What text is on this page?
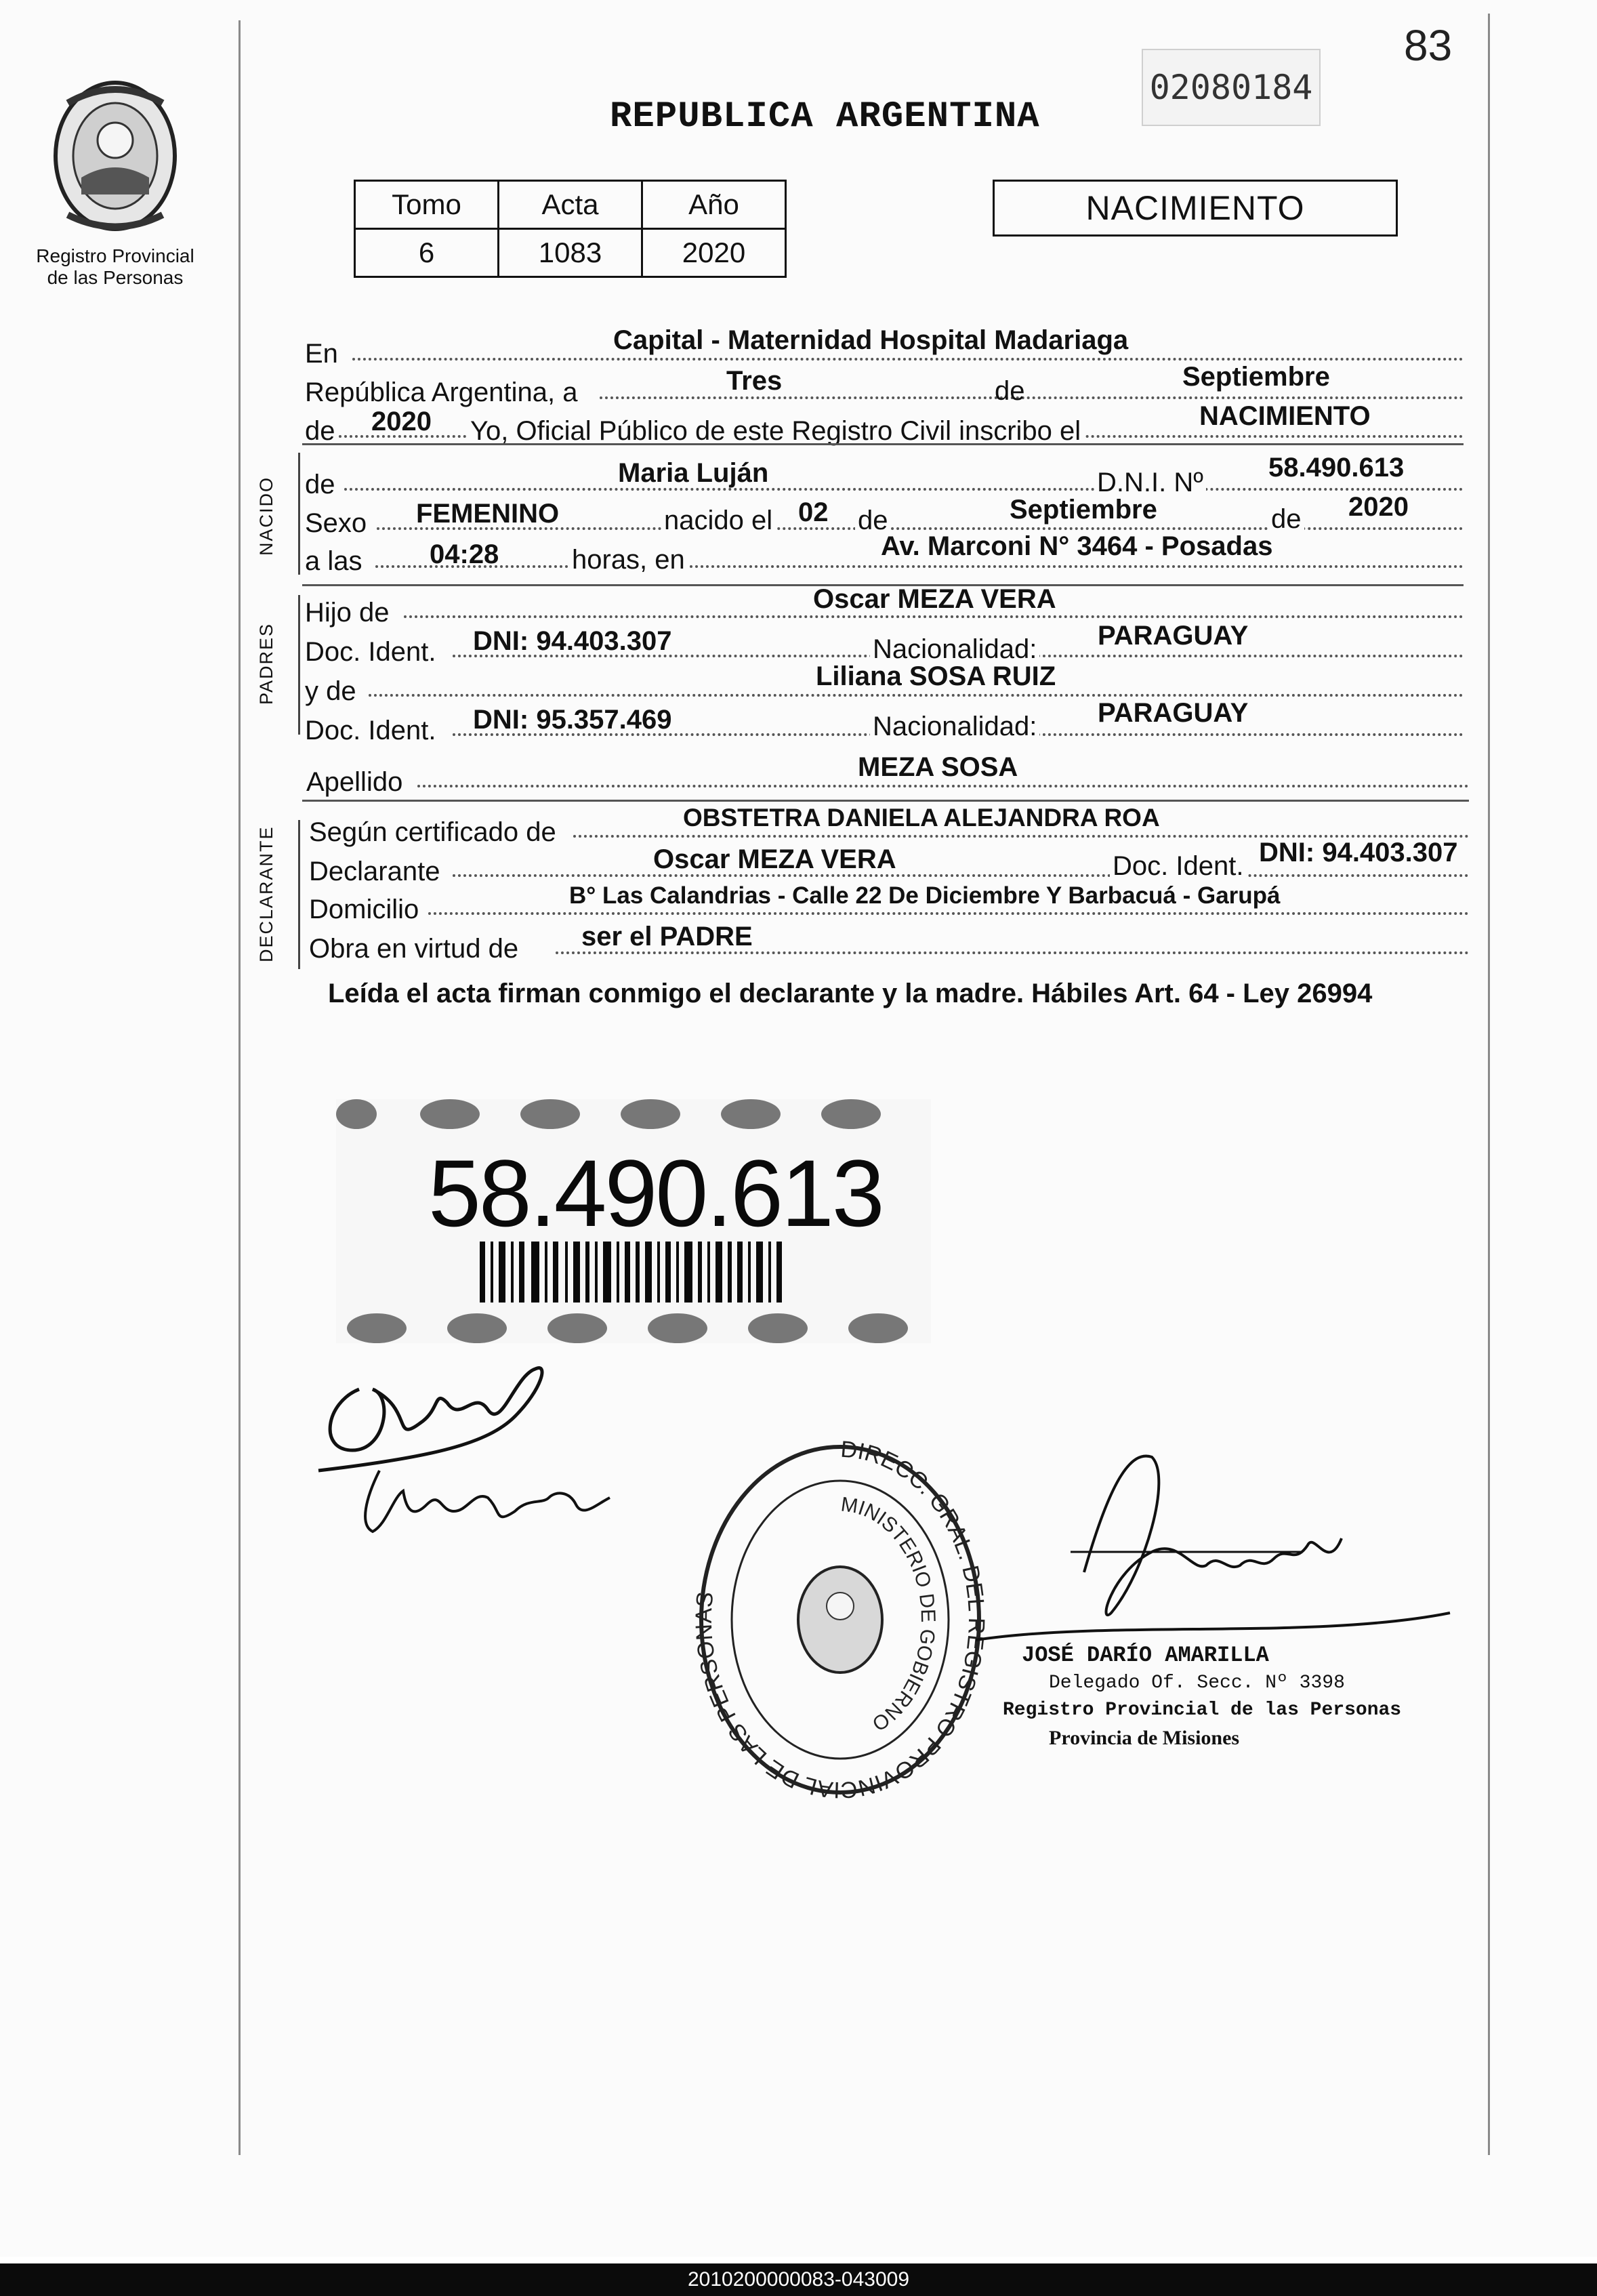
83
02080184
REPUBLICA ARGENTINA
Registro Provincial
de las Personas
Tomo	Acta	Año
6	1083	2020
NACIMIENTO
En	Capital - Maternidad Hospital Madariaga
República Argentina, a	Tres	de	Septiembre
de 2020 Yo, Oficial Público de este Registro Civil inscribo el	NACIMIENTO
NACIDO de	Maria Luján	D.N.I. Nº 58.490.613
Sexo FEMENINO	nacido el 02 de	Septiembre	de 2020
a las 04:28	horas, en	Av. Marconi N° 3464 - Posadas
PADRES
Hijo de	Oscar MEZA VERA
Doc. Ident. DNI: 94.403.307	Nacionalidad: PARAGUAY
y de	Liliana SOSA RUIZ
Doc. Ident. DNI: 95.357.469	Nacionalidad: PARAGUAY
Apellido	MEZA SOSA
DECLARANTE Según certificado de	OBSTETRA DANIELA ALEJANDRA ROA
Declarante	Oscar MEZA VERA	Doc. Ident. DNI: 94.403.307
Domicilio	B° Las Calandrias - Calle 22 De Diciembre Y Barbacuá - Garupá
Obra en virtud de ser el PADRE
Leída el acta firman conmigo el declarante y la madre. Hábiles Art. 64 - Ley 26994
58.490.613
DIRECC. GRAL. DEL REGISTRO PROVINCIAL DE LAS PERSONAS
MINISTERIO DE GOBIERNO
JOSÉ DARÍO AMARILLA
Delegado Of. Secc. Nº 3398
Registro Provincial de las Personas
Provincia de Misiones
2010200000083-043009
